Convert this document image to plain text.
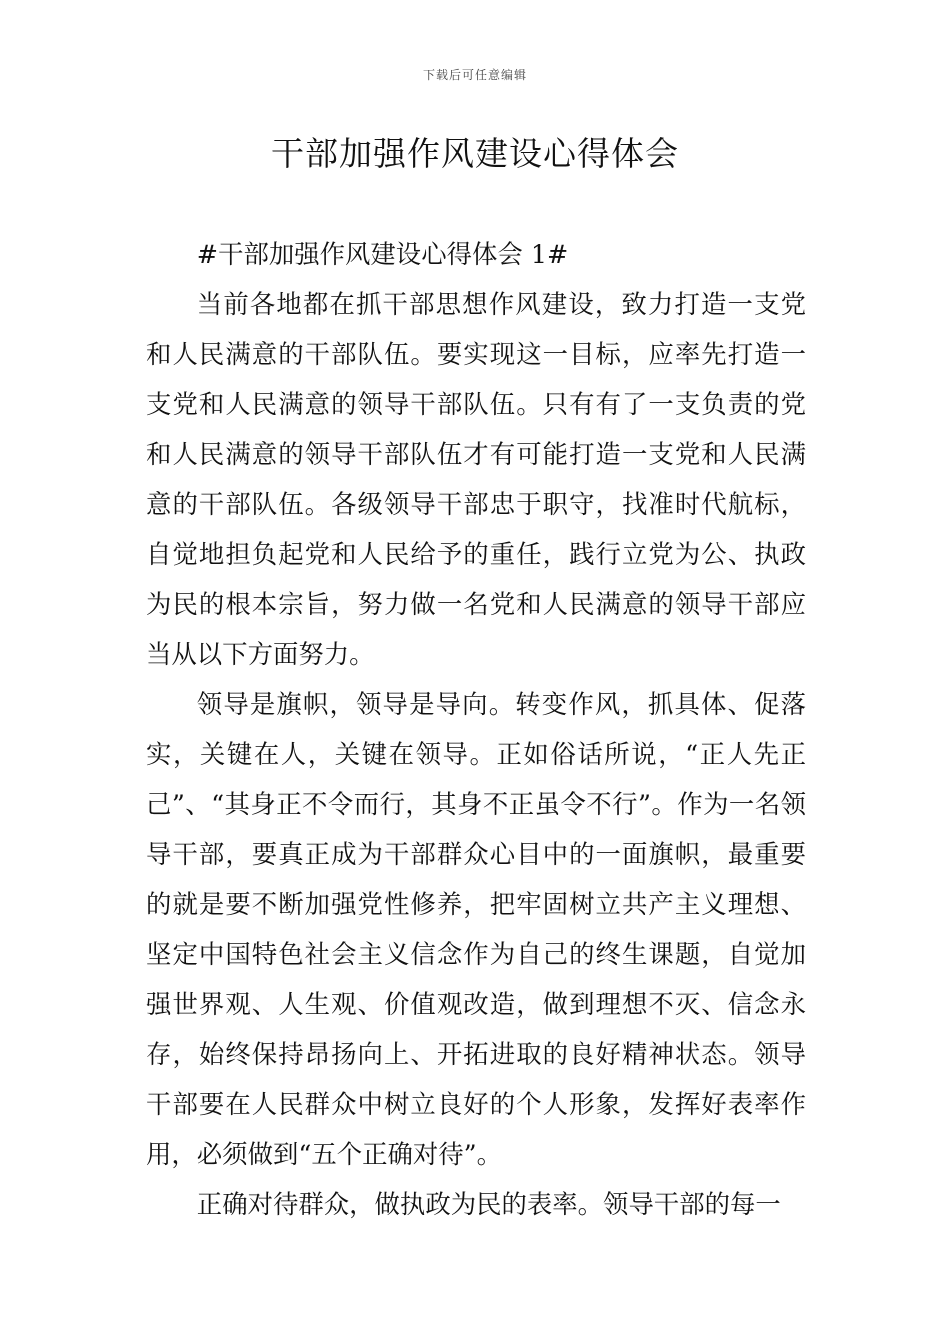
下载后可任意编辑
干部加强作风建设心得体会

#干部加强作风建设心得体会 1#

当前各地都在抓干部思想作风建设，致力打造一支党和人民满意的干部队伍。要实现这一目标，应率先打造一支党和人民满意的领导干部队伍。只有有了一支负责的党和人民满意的领导干部队伍才有可能打造一支党和人民满意的干部队伍。各级领导干部忠于职守，找准时代航标，自觉地担负起党和人民给予的重任，践行立党为公、执政为民的根本宗旨，努力做一名党和人民满意的领导干部应当从以下方面努力。

领导是旗帜，领导是导向。转变作风，抓具体、促落实，关键在人，关键在领导。正如俗话所说，“正人先正己”、“其身正不令而行，其身不正虽令不行”。作为一名领导干部，要真正成为干部群众心目中的一面旗帜，最重要的就是要不断加强党性修养，把牢固树立共产主义理想、坚定中国特色社会主义信念作为自己的终生课题，自觉加强世界观、人生观、价值观改造，做到理想不灭、信念永存，始终保持昂扬向上、开拓进取的良好精神状态。领导干部要在人民群众中树立良好的个人形象，发挥好表率作用，必须做到“五个正确对待”。

正确对待群众，做执政为民的表率。领导干部的每一
